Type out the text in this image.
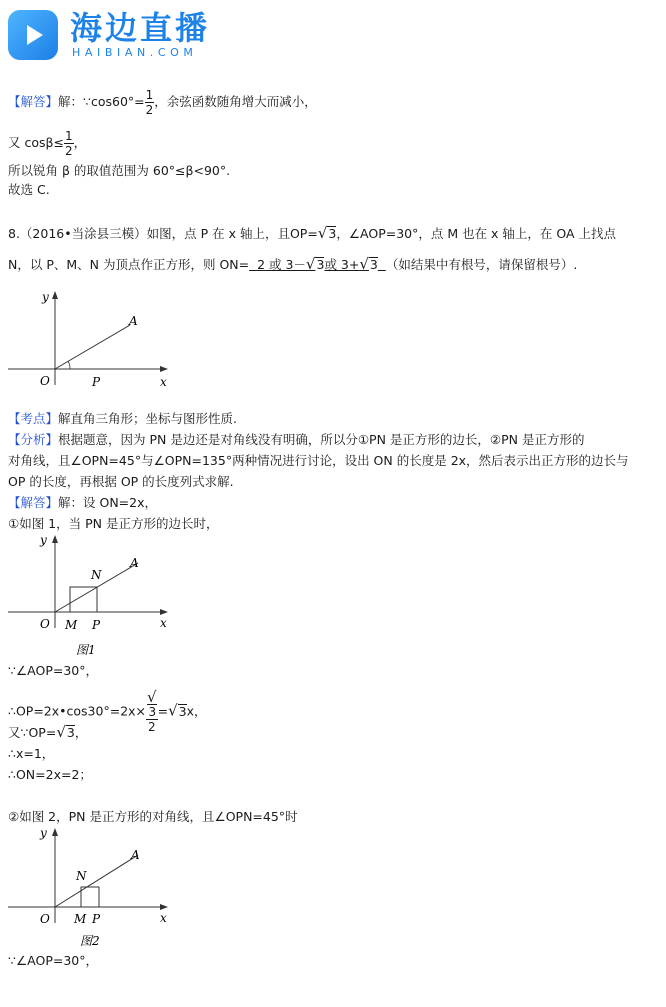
海边直播
HAIBIAN.COM
【解答】解：∵cos60°= $\frac{1}{2}$ ，余弦函数随角增大而减小，
又 $\cos\beta\le \frac{1}{2}$ ，
所以锐角 β 的取值范围为 60°≤β<90°.
故选 C.
8.（2016•当涂县三模）如图，点 P 在 x 轴上，且OP=√3，∠AOP=30°，点 M 也在 x 轴上，在 OA 上找点
N，以 P、M、N 为顶点作正方形，则 ON= 2 或 3－√3或 3+√3 （如结果中有根号，请保留根号）.
y
x
O	P
A
【考点】解直角三角形；坐标与图形性质.
【分析】根据题意，因为 PN 是边还是对角线没有明确，所以分①PN 是正方形的边长，②PN 是正方形的
对角线，且∠OPN=45°与∠OPN=135°两种情况进行讨论，设出 ON 的长度是 2x，然后表示出正方形的边长与
OP 的长度，再根据 OP 的长度列式求解.
【解答】解：设 ON=2x，
①如图 1，当 PN 是正方形的边长时，
y
x
O M P
N
A
图1
∵∠AOP=30°，
∴OP=2x•cos30°=2x× √
3
2 =√3x，
又∵OP=√3，
∴x=1，
∴ON=2x=2；
②如图 2，PN 是正方形的对角线，且∠OPN=45°时
y
x
O M P
N
A
图2
∵∠AOP=30°，
